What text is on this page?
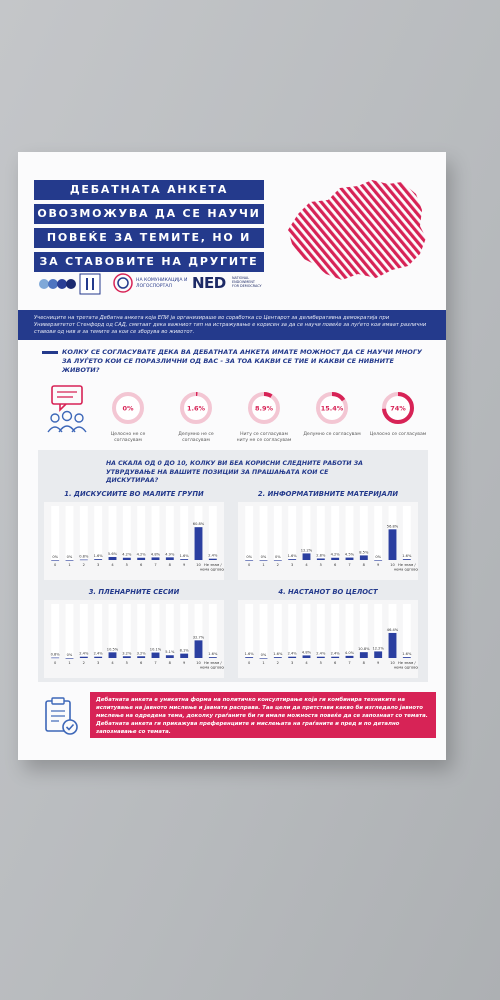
ДЕБАТНАТА АНКЕТА
ОВОЗМОЖУВА ДА СЕ НАУЧИ
ПОВЕЌЕ ЗА ТЕМИТЕ, НО И
ЗА СТАВОВИТЕ НА ДРУГИТЕ
НА КОМУНИКАЦИЈА И ЛОГОСПОРТАЛ	NED NATIONAL ENDOWMENT FOR DEMOCRACY
Учесниците на третата Дебатна анкета која ЕПИ ја организираше во соработка со Центарот за делиберативна демократија при Универзитетот Стенфорд од САД, сметаат дека важниот тип на истражување е корисен за да се научи повеќе за луѓето кои имаат различни ставови од нив и за темите за кои се зборува во животот.
КОЛКУ СЕ СОГЛАСУВАТЕ ДЕКА ВА ДЕБАТНАТА АНКЕТА ИМАТЕ МОЖНОСТ ДА СЕ НАУЧИ МНОГУ ЗА ЛУЃЕТО КОИ СЕ ПОРАЗЛИЧНИ ОД ВАС - ЗА ТОА КАКВИ СЕ ТИЕ И КАКВИ СЕ НИВНИТЕ ЖИВОТИ?
0%
Целосно не се согласувам
1.6%
Делумно не се согласувам
8.9%
Ниту се согласувам ниту не се согласувам
15.4%
Делумно се согласувам
74%
Целосно се согласувам
НА СКАЛА ОД 0 ДО 10, КОЛКУ ВИ БЕА КОРИСНИ СЛЕДНИТЕ РАБОТИ ЗА УТВРДУВАЊЕ НА ВАШИТЕ ПОЗИЦИИ ЗА ПРАШАЊАТА КОИ СЕ ДИСКУТИРАА?
1. ДИСКУСИИТЕ ВО МАЛИТЕ ГРУПИ
0%
0
0%
1
0.8%
2
1.6%
3
5.6%
4
4.2%
5
4.2%
6
4.8%
7
4.9%
8
1.6%
9
60.8%
10
2.4%
Не знам / нема одговор
2. ИНФОРМАТИВНИТЕ МАТЕРИЈАЛИ
0%
0
0%
1
0%
2
1.6%
3
12.2%
4
2.8%
5
4.2%
6
4.5%
7
8.5%
8
0%
9
56.8%
10
1.6%
Не знам / нема одговор
3. ПЛЕНАРНИТЕ СЕСИИ
0.8%
0
0%
1
2.4%
2
2.4%
3
10.5%
4
3.2%
5
3.2%
6
10.1%
7
5.1%
8
8.1%
9
32.7%
10
1.6%
Не знам / нема одговор
4. НАСТАНОТ ВО ЦЕЛОСТ
1.6%
0
0%
1
1.6%
2
2.4%
3
4.8%
4
2.4%
5
2.4%
6
4.0%
7
10.8%
8
12.2%
9
46.4%
10
1.6%
Не знам / нема одговор
Дебатната анкета е уникатна форма на политичко консултирање која ги комбинира техниките на испитување на јавното мислење и јавната расправа. Таа цели да претстави какво би изгледало јавното мислење на одредена тема, доколку граѓаните би ги имале можноста повеќе да се запознаат со темата. Дебатната анкета ги прикажува преференциите и мислењата на граѓаните и пред и по детално запознавање со темата.
